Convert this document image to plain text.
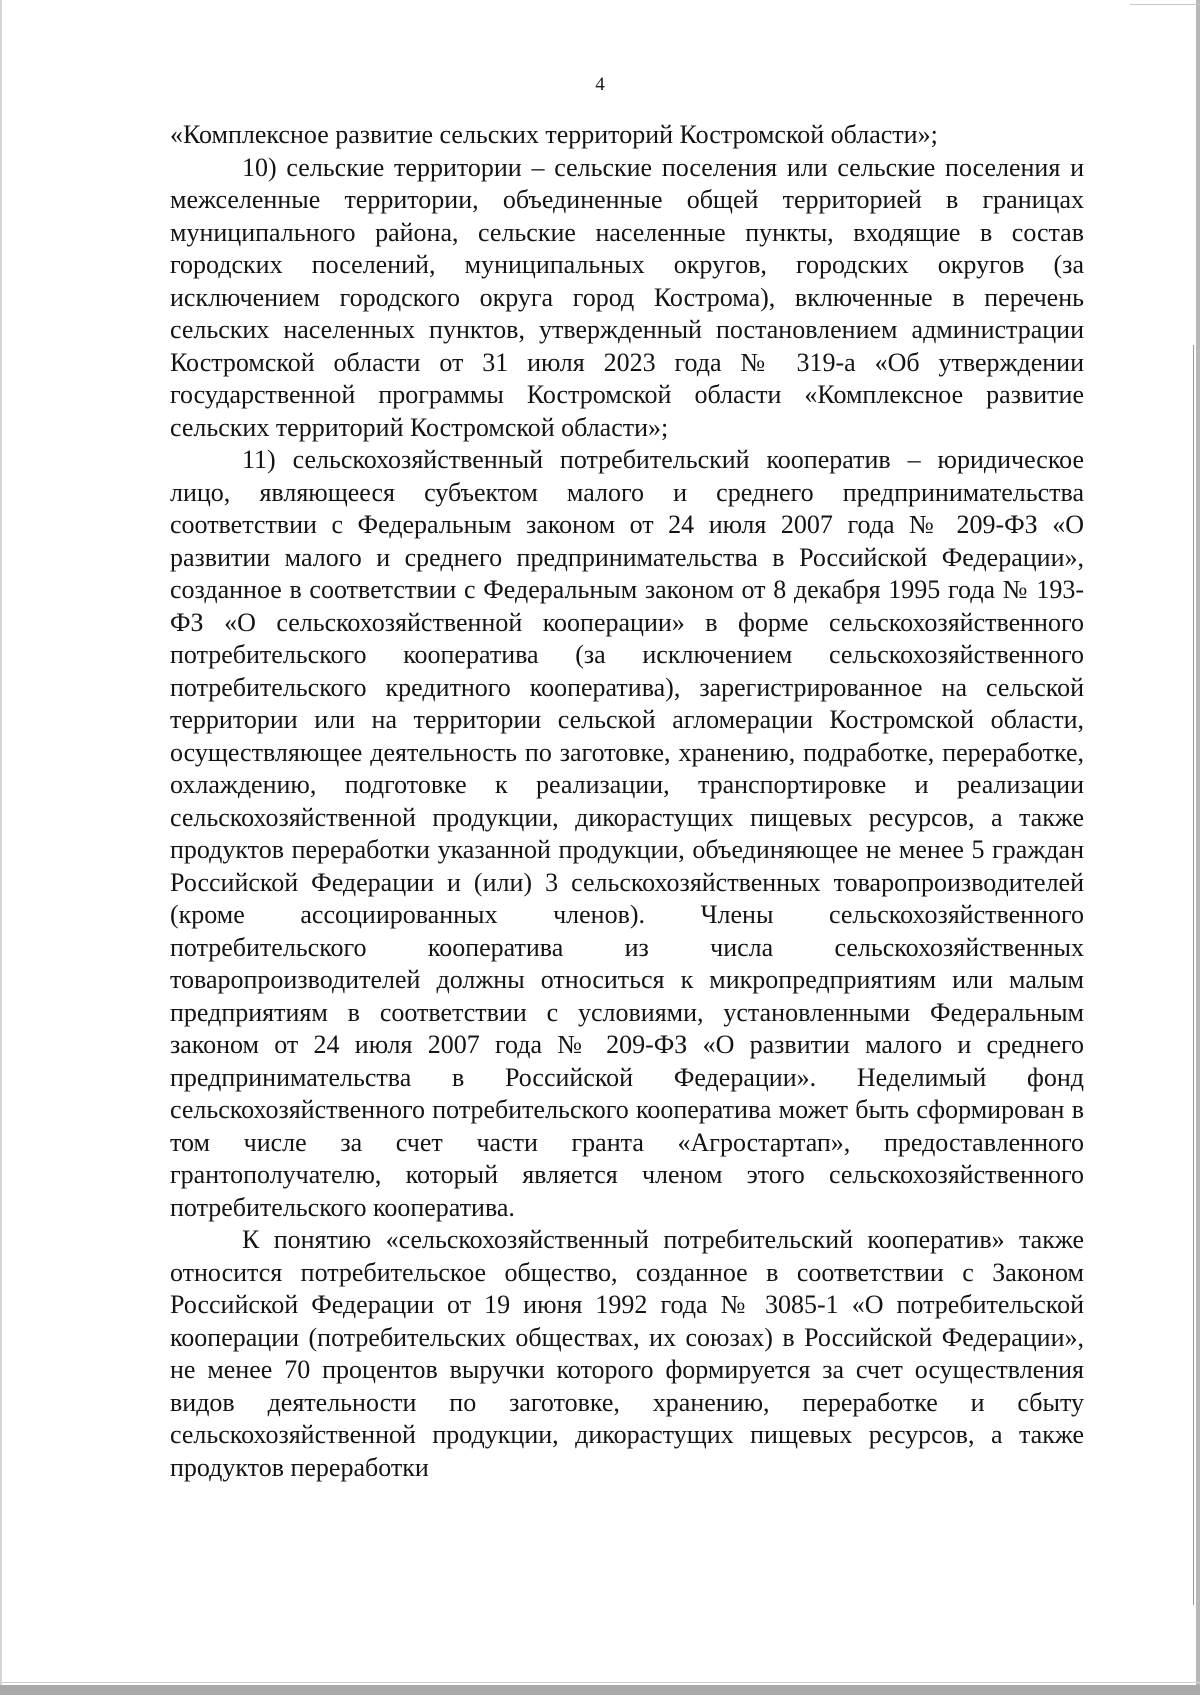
4

«Комплексное развитие сельских территорий Костромской области»;

10) сельские территории – сельские поселения или сельские поселения и межселенные территории, объединенные общей территорией в границах муниципального района, сельские населенные пункты, входящие в состав городских поселений, муниципальных округов, городских округов (за исключением городского округа город Кострома), включенные в перечень сельских населенных пунктов, утвержденный постановлением администрации Костромской области от 31 июля 2023 года № 319-а «Об утверждении государственной программы Костромской области «Комплексное развитие сельских территорий Костромской области»;

11) сельскохозяйственный потребительский кооператив – юридическое лицо, являющееся субъектом малого и среднего предпринимательства соответствии с Федеральным законом от 24 июля 2007 года № 209-ФЗ «О развитии малого и среднего предпринимательства в Российской Федерации», созданное в соответствии с Федеральным законом от 8 декабря 1995 года № 193-ФЗ «О сельскохозяйственной кооперации» в форме сельскохозяйственного потребительского кооператива (за исключением сельскохозяйственного потребительского кредитного кооператива), зарегистрированное на сельской территории или на территории сельской агломерации Костромской области, осуществляющее деятельность по заготовке, хранению, подработке, переработке, охлаждению, подготовке к реализации, транспортировке и реализации сельскохозяйственной продукции, дикорастущих пищевых ресурсов, а также продуктов переработки указанной продукции, объединяющее не менее 5 граждан Российской Федерации и (или) 3 сельскохозяйственных товаропроизводителей (кроме ассоциированных членов). Члены сельскохозяйственного потребительского кооператива из числа сельскохозяйственных товаропроизводителей должны относиться к микропредприятиям или малым предприятиям в соответствии с условиями, установленными Федеральным законом от 24 июля 2007 года № 209-ФЗ «О развитии малого и среднего предпринимательства в Российской Федерации». Неделимый фонд сельскохозяйственного потребительского кооператива может быть сформирован в том числе за счет части гранта «Агростартап», предоставленного грантополучателю, который является членом этого сельскохозяйственного потребительского кооператива.

К понятию «сельскохозяйственный потребительский кооператив» также относится потребительское общество, созданное в соответствии с Законом Российской Федерации от 19 июня 1992 года № 3085-1 «О потребительской кооперации (потребительских обществах, их союзах) в Российской Федерации», не менее 70 процентов выручки которого формируется за счет осуществления видов деятельности по заготовке, хранению, переработке и сбыту сельскохозяйственной продукции, дикорастущих пищевых ресурсов, а также продуктов переработки
